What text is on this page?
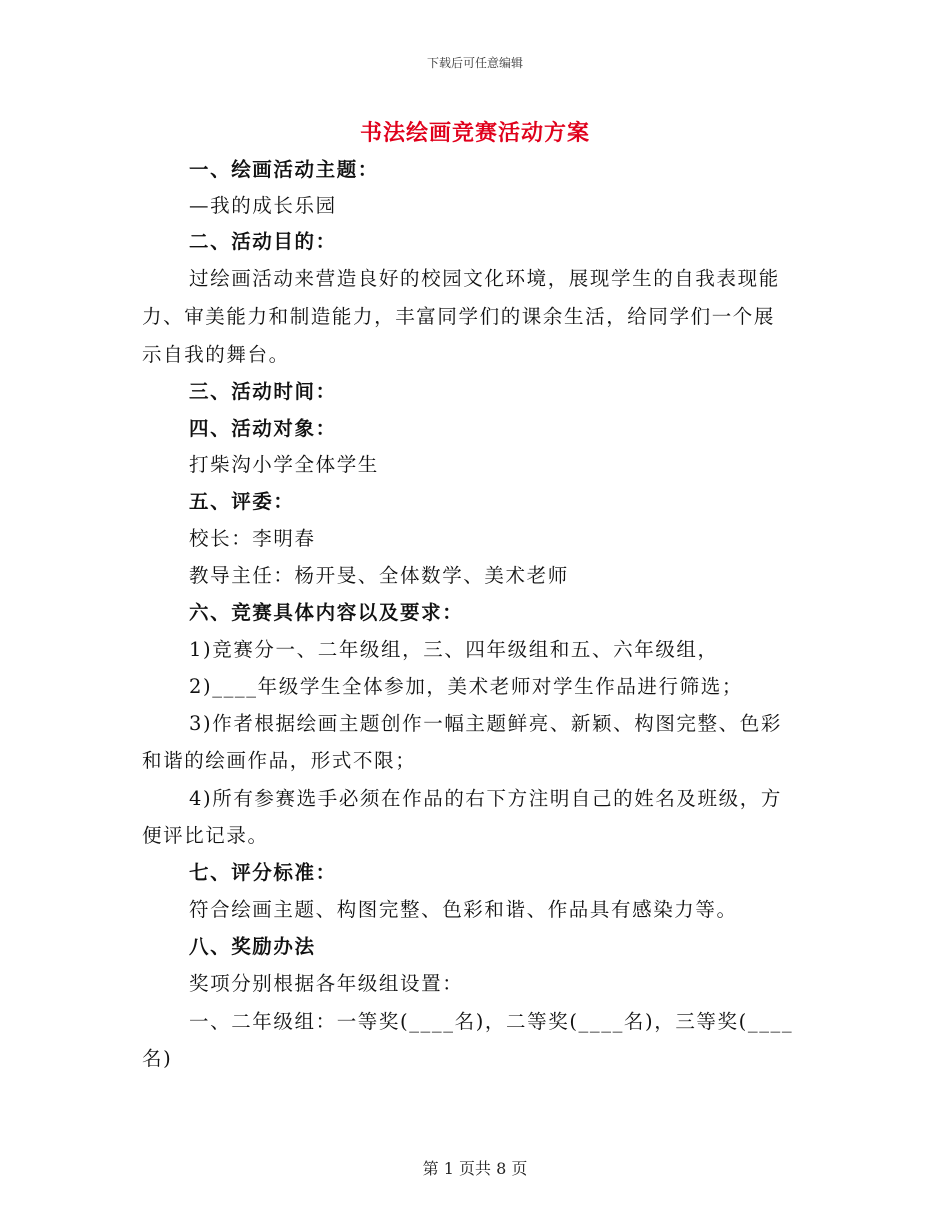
下载后可任意编辑
书法绘画竞赛活动方案
一、绘画活动主题：
—我的成长乐园
二、活动目的：
过绘画活动来营造良好的校园文化环境，展现学生的自我表现能
力、审美能力和制造能力，丰富同学们的课余生活，给同学们一个展
示自我的舞台。
三、活动时间：
四、活动对象：
打柴沟小学全体学生
五、评委：
校长：李明春
教导主任：杨开旻、全体数学、美术老师
六、竞赛具体内容以及要求：
1)竞赛分一、二年级组，三、四年级组和五、六年级组，
2)____年级学生全体参加，美术老师对学生作品进行筛选；
3)作者根据绘画主题创作一幅主题鲜亮、新颖、构图完整、色彩
和谐的绘画作品，形式不限；
4)所有参赛选手必须在作品的右下方注明自己的姓名及班级，方
便评比记录。
七、评分标准：
符合绘画主题、构图完整、色彩和谐、作品具有感染力等。
八、奖励办法
奖项分别根据各年级组设置：
一、二年级组：一等奖(____名)，二等奖(____名)，三等奖(____
名)
第 1 页共 8 页
